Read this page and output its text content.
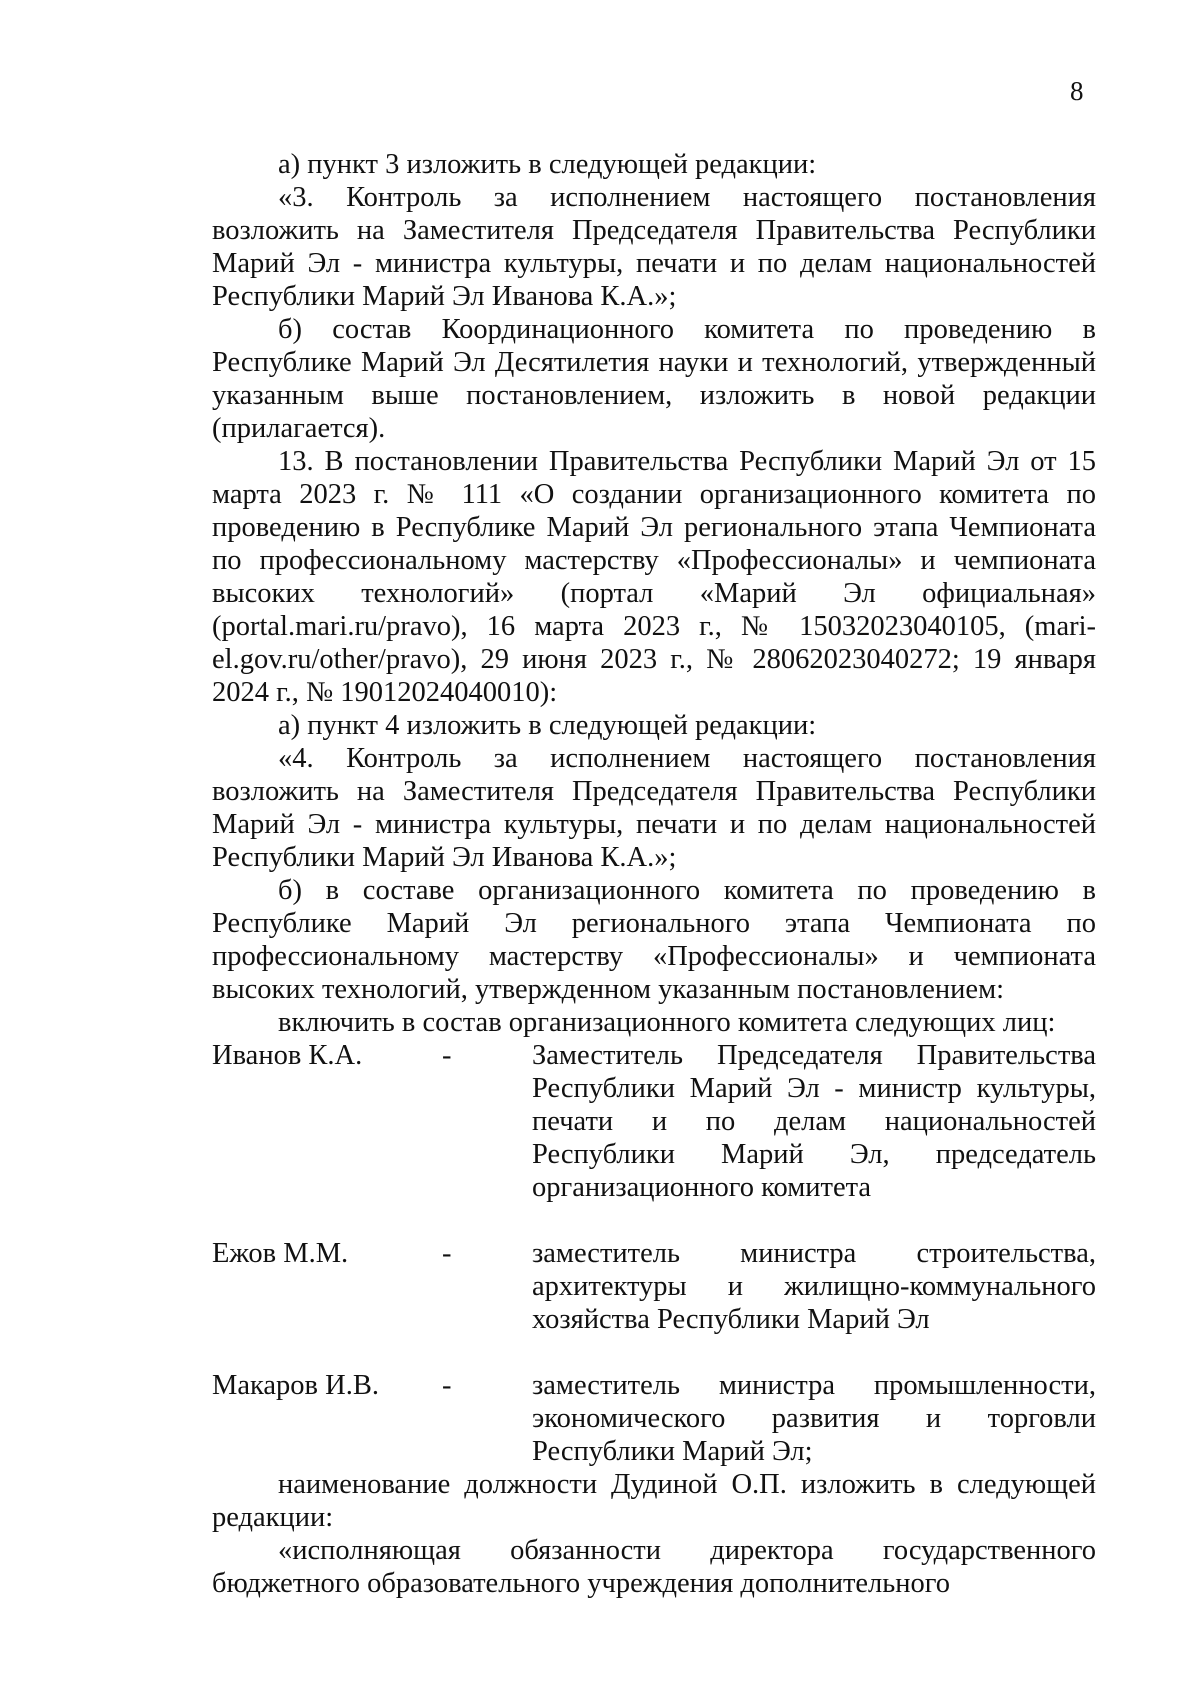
8

а) пункт 3 изложить в следующей редакции:

«3. Контроль за исполнением настоящего постановления возложить на Заместителя Председателя Правительства Республики Марий Эл - министра культуры, печати и по делам национальностей Республики Марий Эл Иванова К.А.»;

б) состав Координационного комитета по проведению в Республике Марий Эл Десятилетия науки и технологий, утвержденный указанным выше постановлением, изложить в новой редакции (прилагается).

13. В постановлении Правительства Республики Марий Эл от 15 марта 2023 г. № 111 «О создании организационного комитета по проведению в Республике Марий Эл регионального этапа Чемпионата по профессиональному мастерству «Профессионалы» и чемпионата высоких технологий» (портал «Марий Эл официальная» (portal.mari.ru/pravo), 16 марта 2023 г., № 15032023040105, (mari-el.gov.ru/other/pravo), 29 июня 2023 г., № 28062023040272; 19 января 2024 г., № 19012024040010):

а) пункт 4 изложить в следующей редакции:

«4. Контроль за исполнением настоящего постановления возложить на Заместителя Председателя Правительства Республики Марий Эл - министра культуры, печати и по делам национальностей Республики Марий Эл Иванова К.А.»;

б) в составе организационного комитета по проведению в Республике Марий Эл регионального этапа Чемпионата по профессиональному мастерству «Профессионалы» и чемпионата высоких технологий, утвержденном указанным постановлением:

включить в состав организационного комитета следующих лиц:

Иванов К.А.	-	Заместитель Председателя Правительства Республики Марий Эл - министр культуры, печати и по делам национальностей Республики Марий Эл, председатель организационного комитета
Ежов М.М.	-	заместитель министра строительства, архитектуры и жилищно-коммунального хозяйства Республики Марий Эл
Макаров И.В.	-	заместитель министра промышленности, экономического развития и торговли Республики Марий Эл;

наименование должности Дудиной О.П. изложить в следующей редакции:

«исполняющая обязанности директора государственного бюджетного образовательного учреждения дополнительного
